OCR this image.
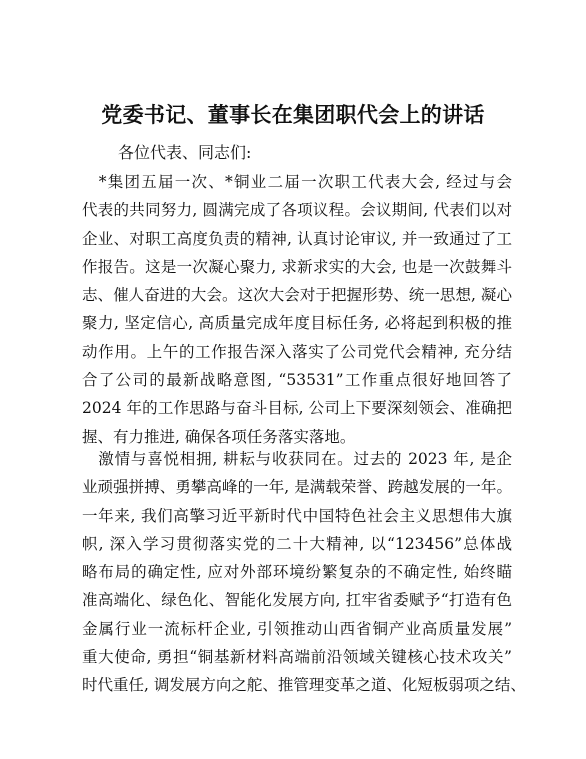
党委书记、董事长在集团职代会上的讲话
各位代表、同志们:
　*集团五届一次、*铜业二届一次职工代表大会, 经过与会
代表的共同努力, 圆满完成了各项议程。会议期间, 代表们以对
企业、对职工高度负责的精神, 认真讨论审议, 并一致通过了工
作报告。这是一次凝心聚力, 求新求实的大会, 也是一次鼓舞斗
志、催人奋进的大会。这次大会对于把握形势、统一思想, 凝心
聚力, 坚定信心, 高质量完成年度目标任务, 必将起到积极的推
动作用。上午的工作报告深入落实了公司党代会精神, 充分结
合了公司的最新战略意图, “53531”工作重点很好地回答了
2024 年的工作思路与奋斗目标, 公司上下要深刻领会、准确把
握、有力推进, 确保各项任务落实落地。
　激情与喜悦相拥, 耕耘与收获同在。过去的 2023 年, 是企
业顽强拼搏、勇攀高峰的一年, 是满载荣誉、跨越发展的一年。
一年来, 我们高擎习近平新时代中国特色社会主义思想伟大旗
帜, 深入学习贯彻落实党的二十大精神, 以“123456”总体战
略布局的确定性, 应对外部环境纷繁复杂的不确定性, 始终瞄
准高端化、绿色化、智能化发展方向, 扛牢省委赋予“打造有色
金属行业一流标杆企业, 引领推动山西省铜产业高质量发展”
重大使命, 勇担“铜基新材料高端前沿领域关键核心技术攻关”
时代重任, 调发展方向之舵、推管理变革之道、化短板弱项之结、
